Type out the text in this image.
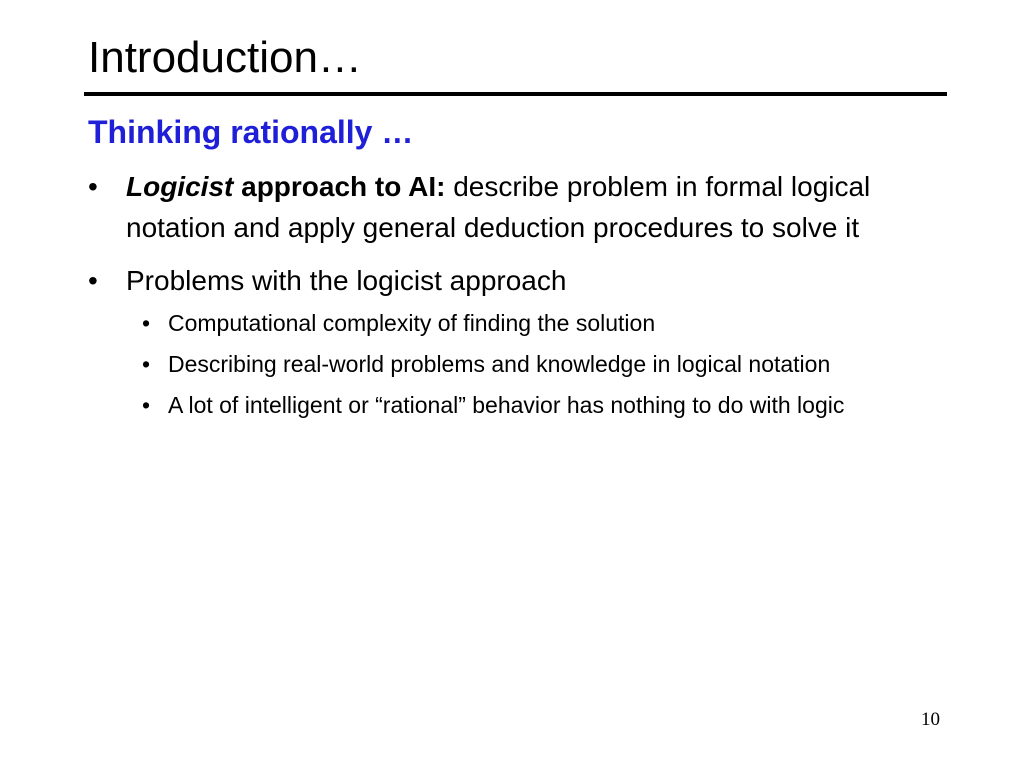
Introduction…
Thinking rationally …
•	Logicist approach to AI: describe problem in formal logical notation and apply general deduction procedures to solve it
•	Problems with the logicist approach
• Computational complexity of finding the solution
• Describing real-world problems and knowledge in logical notation
• A lot of intelligent or “rational” behavior has nothing to do with logic
10
